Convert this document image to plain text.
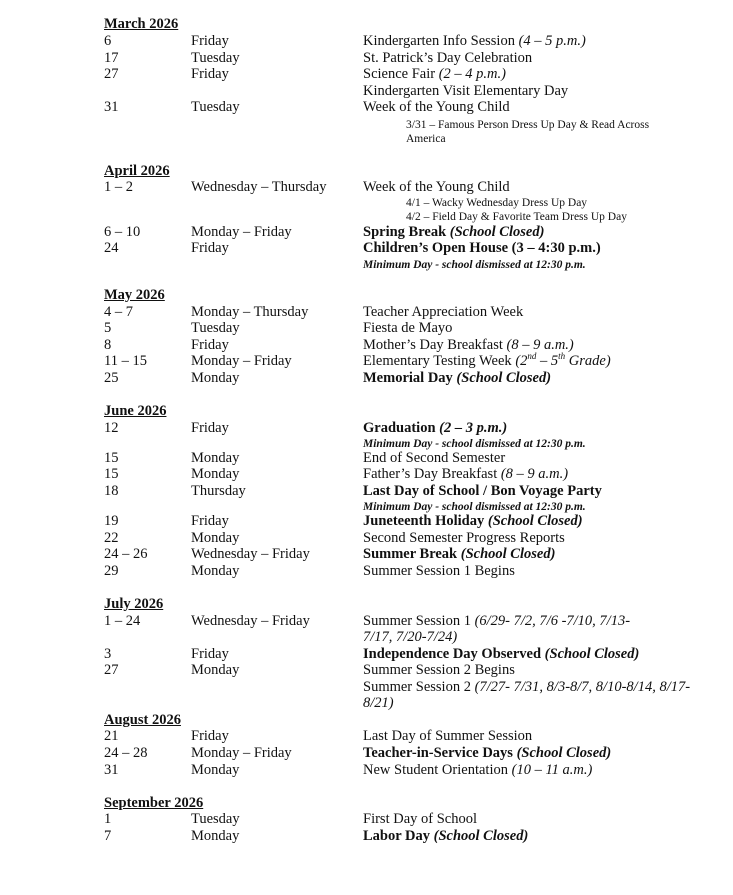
March 2026
6	Friday	Kindergarten Info Session (4 – 5 p.m.)
17	Tuesday	St. Patrick’s Day Celebration
27	Friday	Science Fair (2 – 4 p.m.)
Kindergarten Visit Elementary Day
31	Tuesday	Week of the Young Child
3/31 – Famous Person Dress Up Day & Read Across America
April 2026
1 – 2	Wednesday – Thursday	Week of the Young Child
4/1 – Wacky Wednesday Dress Up Day
4/2 – Field Day & Favorite Team Dress Up Day
6 – 10	Monday – Friday	Spring Break (School Closed)
24	Friday	Children’s Open House (3 – 4:30 p.m.)
Minimum Day - school dismissed at 12:30 p.m.
May 2026
4 – 7	Monday – Thursday	Teacher Appreciation Week
5	Tuesday	Fiesta de Mayo
8	Friday	Mother’s Day Breakfast (8 – 9 a.m.)
11 – 15	Monday – Friday	Elementary Testing Week (2nd – 5th Grade)
25	Monday	Memorial Day (School Closed)
June 2026
12	Friday	Graduation (2 – 3 p.m.)
Minimum Day - school dismissed at 12:30 p.m.
15	Monday	End of Second Semester
15	Monday	Father’s Day Breakfast (8 – 9 a.m.)
18	Thursday	Last Day of School / Bon Voyage Party
Minimum Day - school dismissed at 12:30 p.m.
19	Friday	Juneteenth Holiday (School Closed)
22	Monday	Second Semester Progress Reports
24 – 26	Wednesday – Friday	Summer Break (School Closed)
29	Monday	Summer Session 1 Begins
July 2026
1 – 24	Wednesday – Friday	Summer Session 1 (6/29- 7/2, 7/6 -7/10, 7/13-7/17, 7/20-7/24)
3	Friday	Independence Day Observed (School Closed)
27	Monday	Summer Session 2 Begins
Summer Session 2 (7/27- 7/31, 8/3-8/7, 8/10-8/14, 8/17-8/21)
August 2026
21	Friday	Last Day of Summer Session
24 – 28	Monday – Friday	Teacher-in-Service Days (School Closed)
31	Monday	New Student Orientation (10 – 11 a.m.)
September 2026
1	Tuesday	First Day of School
7	Monday	Labor Day (School Closed)
